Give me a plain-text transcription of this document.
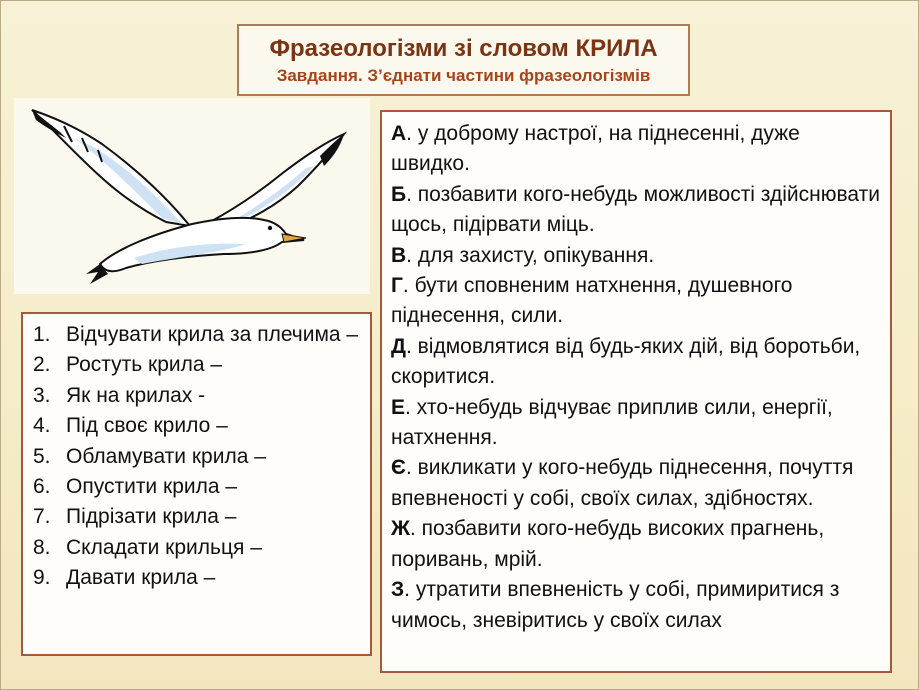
Фразеологізми зі словом КРИЛА
Завдання. З’єднати частини фразеологізмів
1. Відчувати крила за плечима –
2. Ростуть крила –
3. Як на крилах -
4. Під своє крило –
5. Обламувати крила –
6. Опустити крила –
7. Підрізати крила –
8. Складати крильця –
9. Давати крила –
А. у доброму настрої, на піднесенні, дуже швидко.
Б. позбавити кого-небудь можливості здійснювати щось, підірвати міць.
В. для захисту, опікування.
Г. бути сповненим натхнення, душевного піднесення, сили.
Д. відмовлятися від будь-яких дій, від боротьби, скоритися.
Е. хто-небудь відчуває приплив сили, енергії, натхнення.
Є. викликати у кого-небудь піднесення, почуття впевненості у собі, своїх силах, здібностях.
Ж. позбавити кого-небудь високих прагнень, поривань, мрій.
З. утратити впевненість у собі, примиритися з чимось, зневіритись у своїх силах
